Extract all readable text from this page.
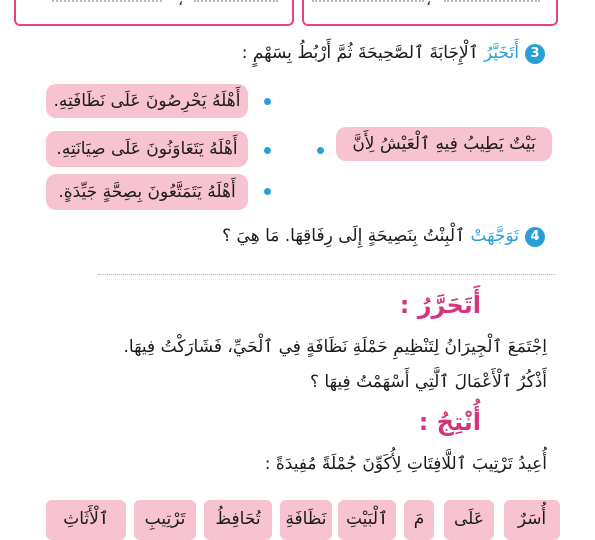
3
أَتَخَيَّرُ ٱلْإِجَابَةَ ٱلصَّحِيحَةَ ثُمَّ أَرْبُطُ بِسَهْمٍ :
أَهْلَهُ يَحْرِصُونَ عَلَى نَظَافَتِهِ.
بَيْتٌ يَطِيبُ فِيهِ ٱلْعَيْشُ لِأَنَّ
أَهْلَهُ يَتَعَاوَنُونَ عَلَى صِيَانَتِهِ.
أَهْلَهُ يَتَمَتَّعُونَ بِصِحَّةٍ جَيِّدَةٍ.
4
تَوَجَّهَتْ ٱلْبِنْتُ بِنَصِيحَةٍ إِلَى رِفَاقِهَا. مَا هِيَ ؟
أَتَحَرَّرُ :
اِجْتَمَعَ ٱلْجِيرَانُ لِتَنْظِيمِ حَمْلَةِ نَظَافَةٍ فِي ٱلْحَيِّ، فَشَارَكْتُ فِيهَا.
أَذْكُرُ ٱلْأَعْمَالَ ٱلَّتِي أَسْهَمْتُ فِيهَا ؟
أُنْتِجُ :
أُعِيدُ تَرْتِيبَ ٱللَّافِتَاتِ لِأُكَوِّنَ جُمْلَةً مُفِيدَةً :
أُسَرٌ
عَلَى
مَ
ٱلْبَيْتِ
نَظَافَةِ
تُحَافِظُ
تَرْتِيبِ
ٱلْأَثَاثِ
